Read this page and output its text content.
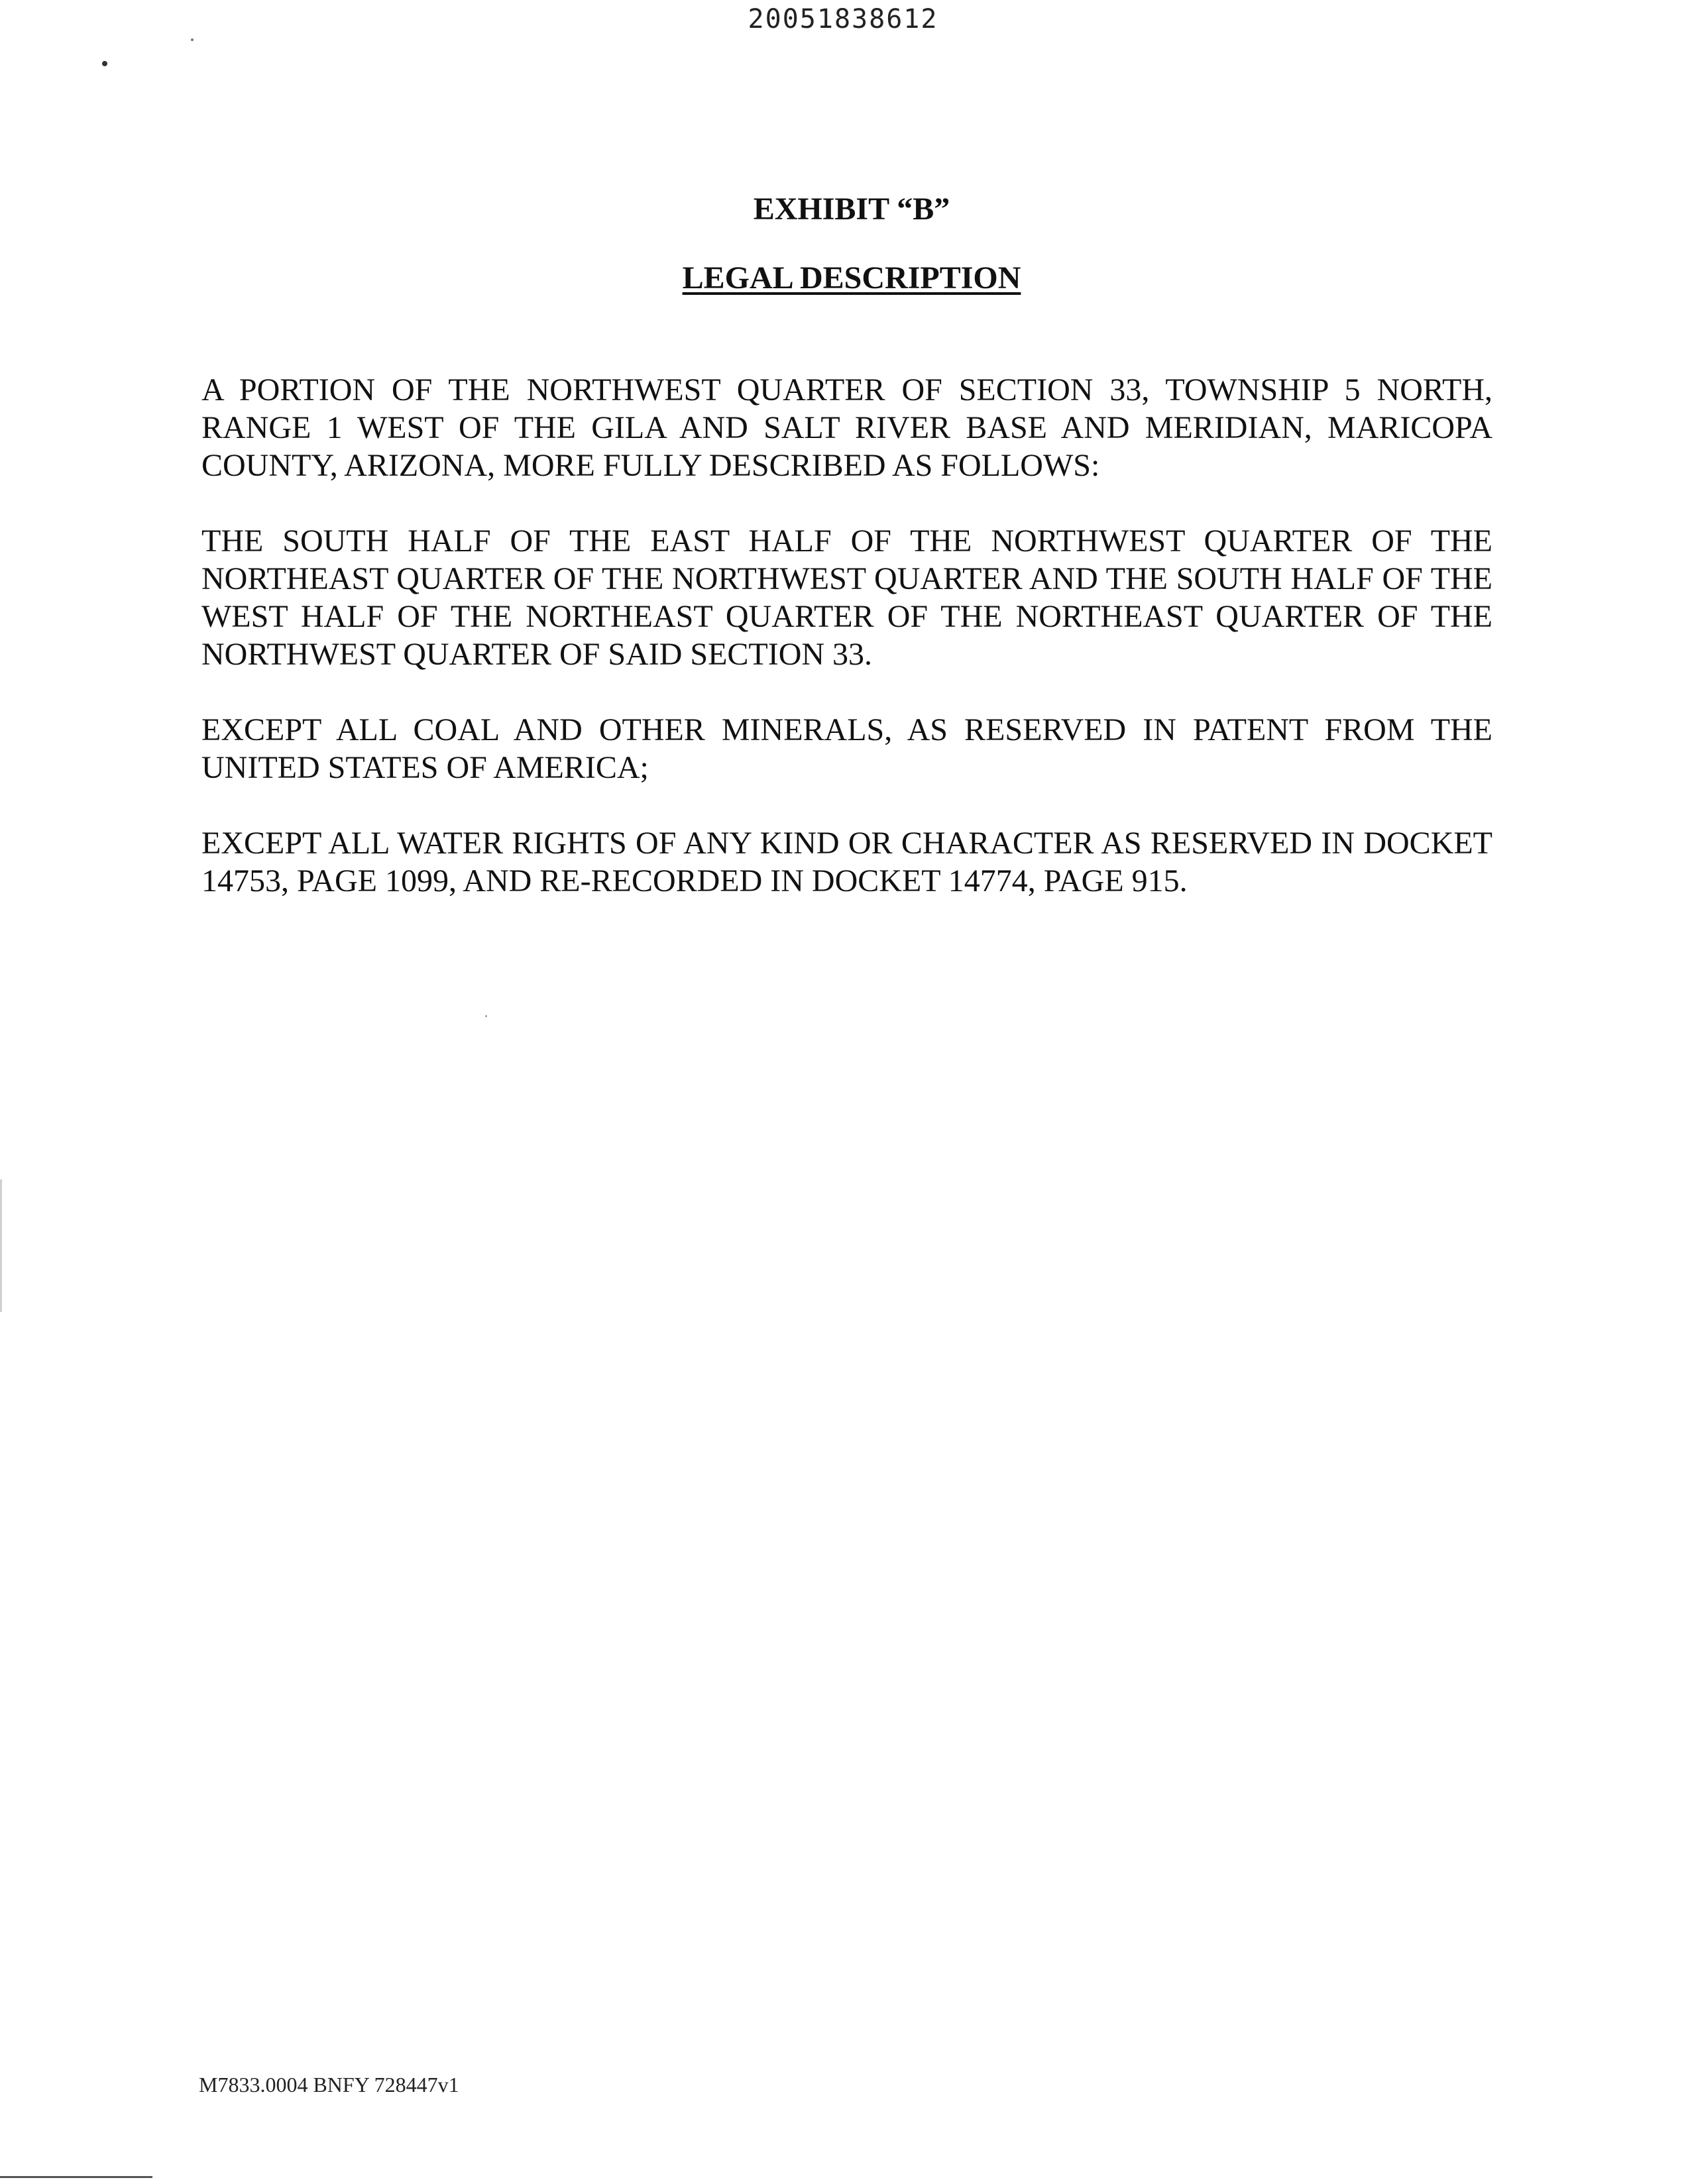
20051838612
EXHIBIT “B”
LEGAL DESCRIPTION

A PORTION OF THE NORTHWEST QUARTER OF SECTION 33, TOWNSHIP 5 NORTH, RANGE 1 WEST OF THE GILA AND SALT RIVER BASE AND MERIDIAN, MARICOPA COUNTY, ARIZONA, MORE FULLY DESCRIBED AS FOLLOWS:

THE SOUTH HALF OF THE EAST HALF OF THE NORTHWEST QUARTER OF THE NORTHEAST QUARTER OF THE NORTHWEST QUARTER AND THE SOUTH HALF OF THE WEST HALF OF THE NORTHEAST QUARTER OF THE NORTHEAST QUARTER OF THE NORTHWEST QUARTER OF SAID SECTION 33.

EXCEPT ALL COAL AND OTHER MINERALS, AS RESERVED IN PATENT FROM THE UNITED STATES OF AMERICA;

EXCEPT ALL WATER RIGHTS OF ANY KIND OR CHARACTER AS RESERVED IN DOCKET 14753, PAGE 1099, AND RE-RECORDED IN DOCKET 14774, PAGE 915.

M7833.0004 BNFY 728447v1
